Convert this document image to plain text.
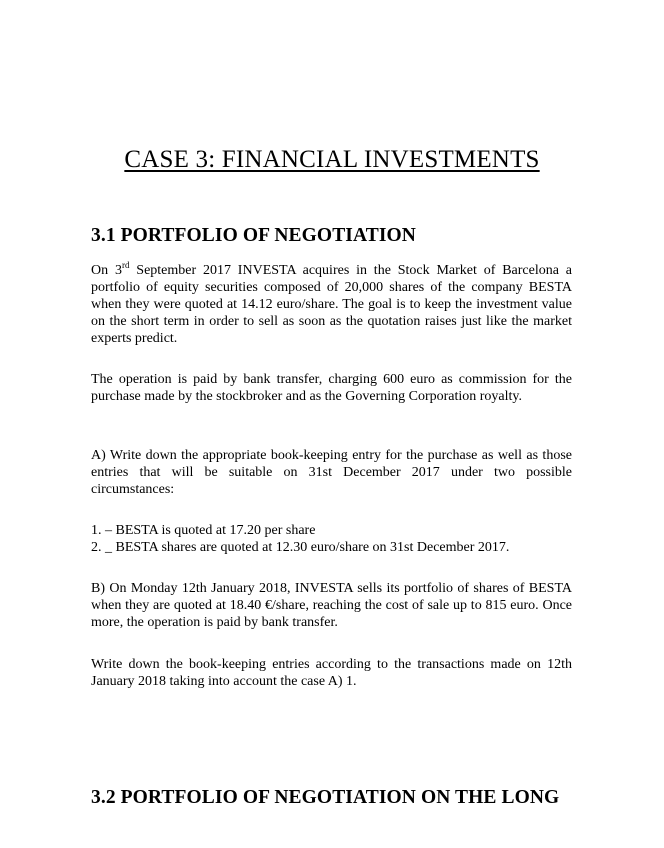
CASE 3: FINANCIAL INVESTMENTS
3.1 PORTFOLIO OF NEGOTIATION

On 3rd September 2017 INVESTA acquires in the Stock Market of Barcelona a portfolio of equity securities composed of 20,000 shares of the company BESTA when they were quoted at 14.12 euro/share. The goal is to keep the investment value on the short term in order to sell as soon as the quotation raises just like the market experts predict.

The operation is paid by bank transfer, charging 600 euro as commission for the purchase made by the stockbroker and as the Governing Corporation royalty.

A) Write down the appropriate book-keeping entry for the purchase as well as those entries that will be suitable on 31st December 2017 under two possible circumstances:

1. – BESTA is quoted at 17.20 per share
2. _ BESTA shares are quoted at 12.30 euro/share on 31st December 2017.

B) On Monday 12th January 2018, INVESTA sells its portfolio of shares of BESTA when they are quoted at 18.40 €/share, reaching the cost of sale up to 815 euro. Once more, the operation is paid by bank transfer.

Write down the book-keeping entries according to the transactions made on 12th January 2018 taking into account the case A) 1.

3.2 PORTFOLIO OF NEGOTIATION ON THE LONG
